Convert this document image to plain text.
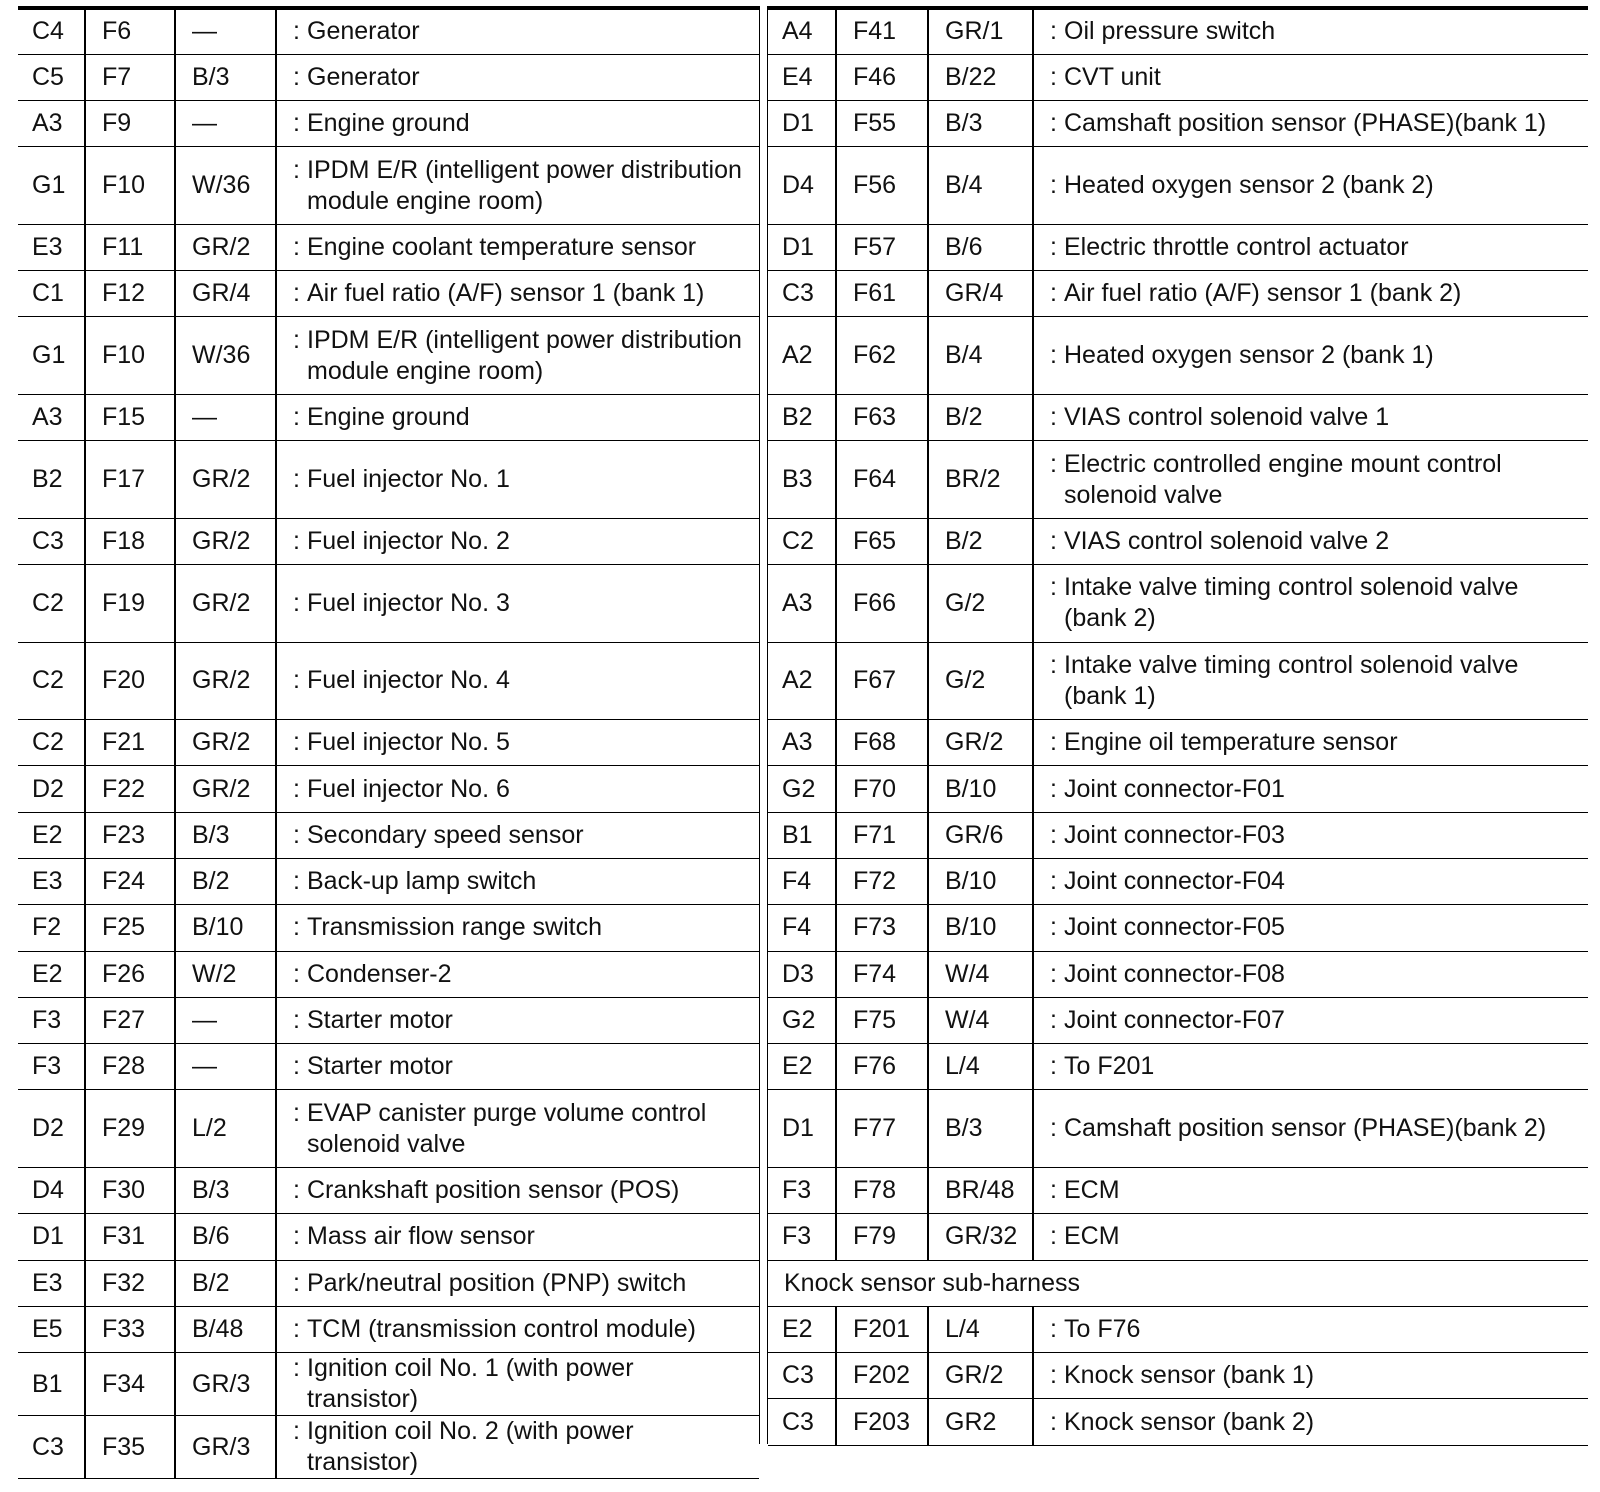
C4	F6	—	: Generator
C5	F7	B/3	: Generator
A3	F9	—	: Engine ground
G1	F10	W/36	: IPDM E/R (intelligent power distribution module engine room)
E3	F11	GR/2	: Engine coolant temperature sensor
C1	F12	GR/4	: Air fuel ratio (A/F) sensor 1 (bank 1)
G1	F10	W/36	: IPDM E/R (intelligent power distribution module engine room)
A3	F15	—	: Engine ground
B2	F17	GR/2	: Fuel injector No. 1
C3	F18	GR/2	: Fuel injector No. 2
C2	F19	GR/2	: Fuel injector No. 3
C2	F20	GR/2	: Fuel injector No. 4
C2	F21	GR/2	: Fuel injector No. 5
D2	F22	GR/2	: Fuel injector No. 6
E2	F23	B/3	: Secondary speed sensor
E3	F24	B/2	: Back-up lamp switch
F2	F25	B/10	: Transmission range switch
E2	F26	W/2	: Condenser-2
F3	F27	—	: Starter motor
F3	F28	—	: Starter motor
D2	F29	L/2	: EVAP canister purge volume control solenoid valve
D4	F30	B/3	: Crankshaft position sensor (POS)
D1	F31	B/6	: Mass air flow sensor
E3	F32	B/2	: Park/neutral position (PNP) switch
E5	F33	B/48	: TCM (transmission control module)
B1	F34	GR/3	: Ignition coil No. 1 (with power transistor)
C3	F35	GR/3	: Ignition coil No. 2 (with power transistor)
A4	F41	GR/1	: Oil pressure switch
E4	F46	B/22	: CVT unit
D1	F55	B/3	: Camshaft position sensor (PHASE)(bank 1)
D4	F56	B/4	: Heated oxygen sensor 2 (bank 2)
D1	F57	B/6	: Electric throttle control actuator
C3	F61	GR/4	: Air fuel ratio (A/F) sensor 1 (bank 2)
A2	F62	B/4	: Heated oxygen sensor 2 (bank 1)
B2	F63	B/2	: VIAS control solenoid valve 1
B3	F64	BR/2	: Electric controlled engine mount control solenoid valve
C2	F65	B/2	: VIAS control solenoid valve 2
A3	F66	G/2	: Intake valve timing control solenoid valve (bank 2)
A2	F67	G/2	: Intake valve timing control solenoid valve (bank 1)
A3	F68	GR/2	: Engine oil temperature sensor
G2	F70	B/10	: Joint connector-F01
B1	F71	GR/6	: Joint connector-F03
F4	F72	B/10	: Joint connector-F04
F4	F73	B/10	: Joint connector-F05
D3	F74	W/4	: Joint connector-F08
G2	F75	W/4	: Joint connector-F07
E2	F76	L/4	: To F201
D1	F77	B/3	: Camshaft position sensor (PHASE)(bank 2)
F3	F78	BR/48	: ECM
F3	F79	GR/32	: ECM
Knock sensor sub-harness			
E2	F201	L/4	: To F76
C3	F202	GR/2	: Knock sensor (bank 1)
C3	F203	GR2	: Knock sensor (bank 2)
